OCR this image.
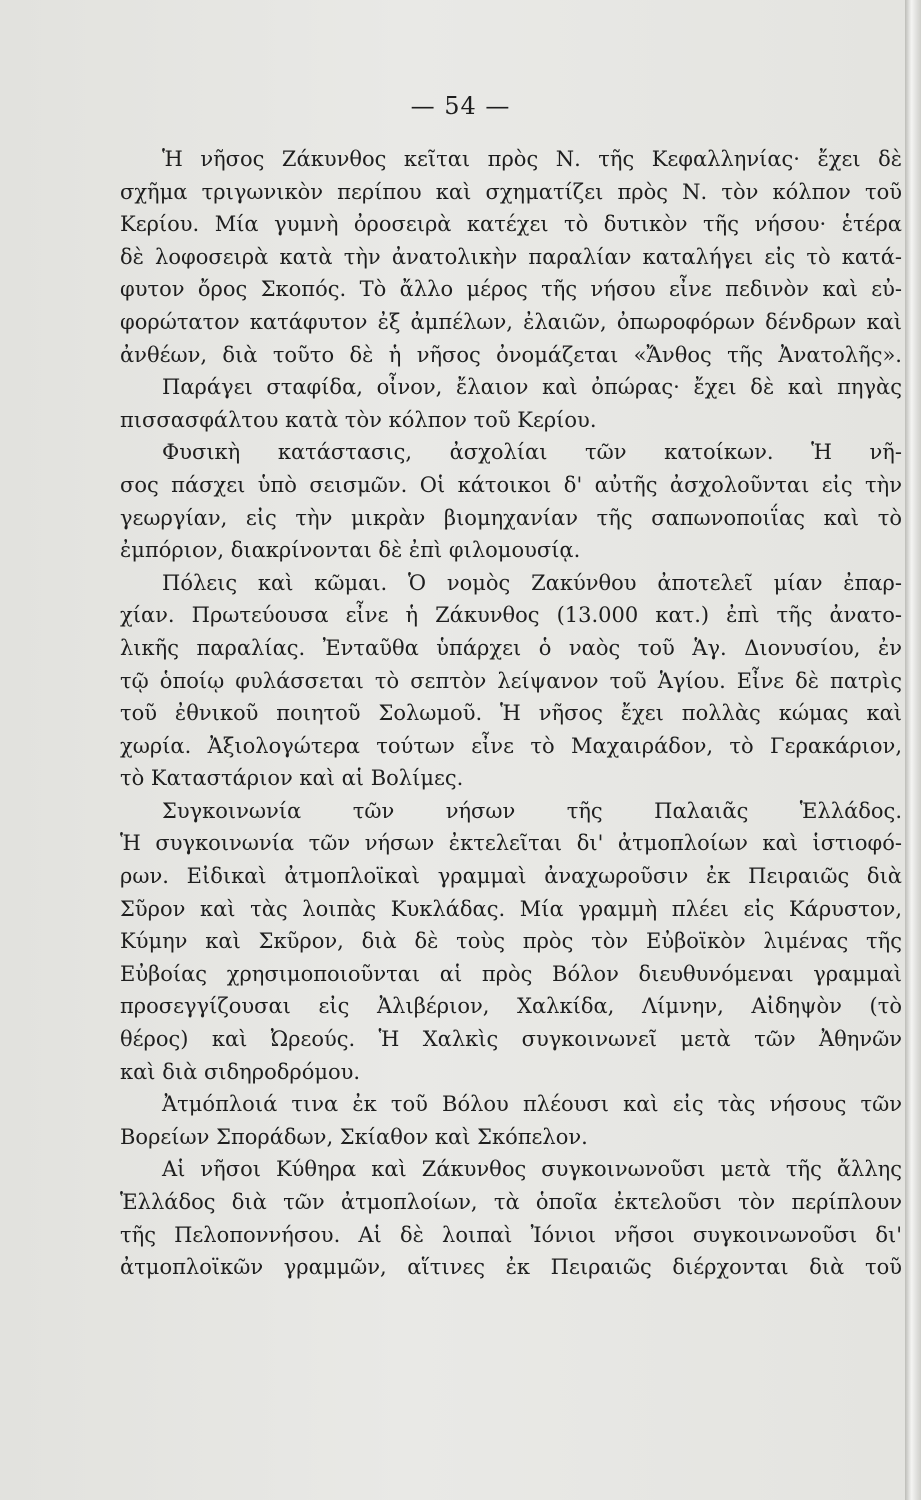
— 54 —
Ἡ νῆσος Ζάκυνθος κεῖται πρὸς Ν. τῆς Κεφαλληνίας· ἔχει δὲ
σχῆμα τριγωνικὸν περίπου καὶ σχηματίζει πρὸς Ν. τὸν κόλπον τοῦ
Κερίου. Μία γυμνὴ ὀροσειρὰ κατέχει τὸ δυτικὸν τῆς νήσου· ἑτέρα
δὲ λοφοσειρὰ κατὰ τὴν ἀνατολικὴν παραλίαν καταλήγει εἰς τὸ κατά-
φυτον ὄρος Σκοπός. Τὸ ἄλλο μέρος τῆς νήσου εἶνε πεδινὸν καὶ εὐ-
φορώτατον κατάφυτον ἐξ ἀμπέλων, ἐλαιῶν, ὀπωροφόρων δένδρων καὶ
ἀνθέων, διὰ τοῦτο δὲ ἡ νῆσος ὀνομάζεται «Ἄνθος τῆς Ἀνατολῆς».
Παράγει σταφίδα, οἶνον, ἔλαιον καὶ ὀπώρας· ἔχει δὲ καὶ πηγὰς
πισσασφάλτου κατὰ τὸν κόλπον τοῦ Κερίου.
Φυσικὴ κατάστασις, ἀσχολίαι τῶν κατοίκων. Ἡ νῆ-
σος πάσχει ὑπὸ σεισμῶν. Οἱ κάτοικοι δ' αὐτῆς ἀσχολοῦνται εἰς τὴν
γεωργίαν, εἰς τὴν μικρὰν βιομηχανίαν τῆς σαπωνοποιΐας καὶ τὸ
ἐμπόριον, διακρίνονται δὲ ἐπὶ φιλομουσίᾳ.
Πόλεις καὶ κῶμαι. Ὁ νομὸς Ζακύνθου ἀποτελεῖ μίαν ἐπαρ-
χίαν. Πρωτεύουσα εἶνε ἡ Ζάκυνθος (13.000 κατ.) ἐπὶ τῆς ἀνατο-
λικῆς παραλίας. Ἐνταῦθα ὑπάρχει ὁ ναὸς τοῦ Ἁγ. Διονυσίου, ἐν
τῷ ὁποίῳ φυλάσσεται τὸ σεπτὸν λείψανον τοῦ Ἁγίου. Εἶνε δὲ πατρὶς
τοῦ ἐθνικοῦ ποιητοῦ Σολωμοῦ. Ἡ νῆσος ἔχει πολλὰς κώμας καὶ
χωρία. Ἀξιολογώτερα τούτων εἶνε τὸ Μαχαιράδον, τὸ Γερακάριον,
τὸ Καταστάριον καὶ αἱ Βολίμες.
Συγκοινωνία τῶν νήσων τῆς Παλαιᾶς Ἑλλάδος.
Ἡ συγκοινωνία τῶν νήσων ἐκτελεῖται δι' ἀτμοπλοίων καὶ ἱστιοφό-
ρων. Εἰδικαὶ ἀτμοπλοϊκαὶ γραμμαὶ ἀναχωροῦσιν ἐκ Πειραιῶς διὰ
Σῦρον καὶ τὰς λοιπὰς Κυκλάδας. Μία γραμμὴ πλέει εἰς Κάρυστον,
Κύμην καὶ Σκῦρον, διὰ δὲ τοὺς πρὸς τὸν Εὐβοϊκὸν λιμένας τῆς
Εὐβοίας χρησιμοποιοῦνται αἱ πρὸς Βόλον διευθυνόμεναι γραμμαὶ
προσεγγίζουσαι εἰς Ἀλιβέριον, Χαλκίδα, Λίμνην, Αἰδηψὸν (τὸ
θέρος) καὶ Ὠρεούς. Ἡ Χαλκὶς συγκοινωνεῖ μετὰ τῶν Ἀθηνῶν
καὶ διὰ σιδηροδρόμου.
Ἀτμόπλοιά τινα ἐκ τοῦ Βόλου πλέουσι καὶ εἰς τὰς νήσους τῶν
Βορείων Σποράδων, Σκίαθον καὶ Σκόπελον.
Αἱ νῆσοι Κύθηρα καὶ Ζάκυνθος συγκοινωνοῦσι μετὰ τῆς ἄλλης
Ἑλλάδος διὰ τῶν ἀτμοπλοίων, τὰ ὁποῖα ἐκτελοῦσι τὸν περίπλουν
τῆς Πελοποννήσου. Αἱ δὲ λοιπαὶ Ἰόνιοι νῆσοι συγκοινωνοῦσι δι'
ἀτμοπλοϊκῶν γραμμῶν, αἵτινες ἐκ Πειραιῶς διέρχονται διὰ τοῦ
